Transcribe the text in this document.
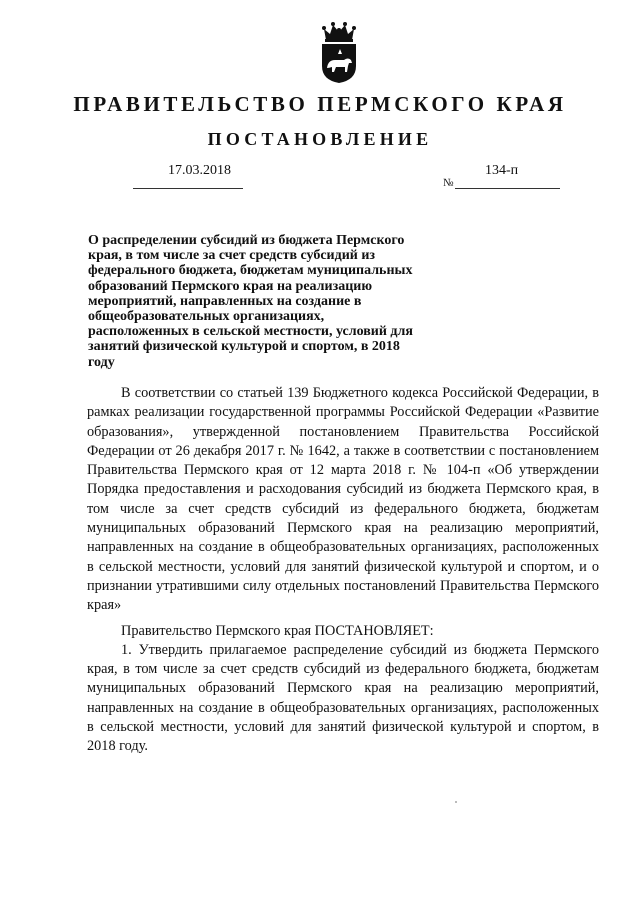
ПРАВИТЕЛЬСТВО ПЕРМСКОГО КРАЯ
ПОСТАНОВЛЕНИЕ
17.03.2018
№
134-п
О распределении субсидий из бюджета Пермского края, в том числе за счет средств субсидий из федерального бюджета, бюджетам муниципальных образований Пермского края на реализацию мероприятий, направленных на создание в общеобразовательных организациях, расположенных в сельской местности, условий для занятий физической культурой и спортом, в 2018 году

В соответствии со статьей 139 Бюджетного кодекса Российской Федерации, в рамках реализации государственной программы Российской Федерации «Развитие образования», утвержденной постановлением Правительства Российской Федерации от 26 декабря 2017 г. № 1642, а также в соответствии с постановлением Правительства Пермского края от 12 марта 2018 г. № 104-п «Об утверждении Порядка предоставления и расходования субсидий из бюджета Пермского края, в том числе за счет средств субсидий из федерального бюджета, бюджетам муниципальных образований Пермского края на реализацию мероприятий, направленных на создание в общеобразовательных организациях, расположенных в сельской местности, условий для занятий физической культурой и спортом, и о признании утратившими силу отдельных постановлений Правительства Пермского края»

Правительство Пермского края ПОСТАНОВЛЯЕТ:

1. Утвердить прилагаемое распределение субсидий из бюджета Пермского края, в том числе за счет средств субсидий из федерального бюджета, бюджетам муниципальных образований Пермского края на реализацию мероприятий, направленных на создание в общеобразовательных организациях, расположенных в сельской местности, условий для занятий физической культурой и спортом, в 2018 году.
